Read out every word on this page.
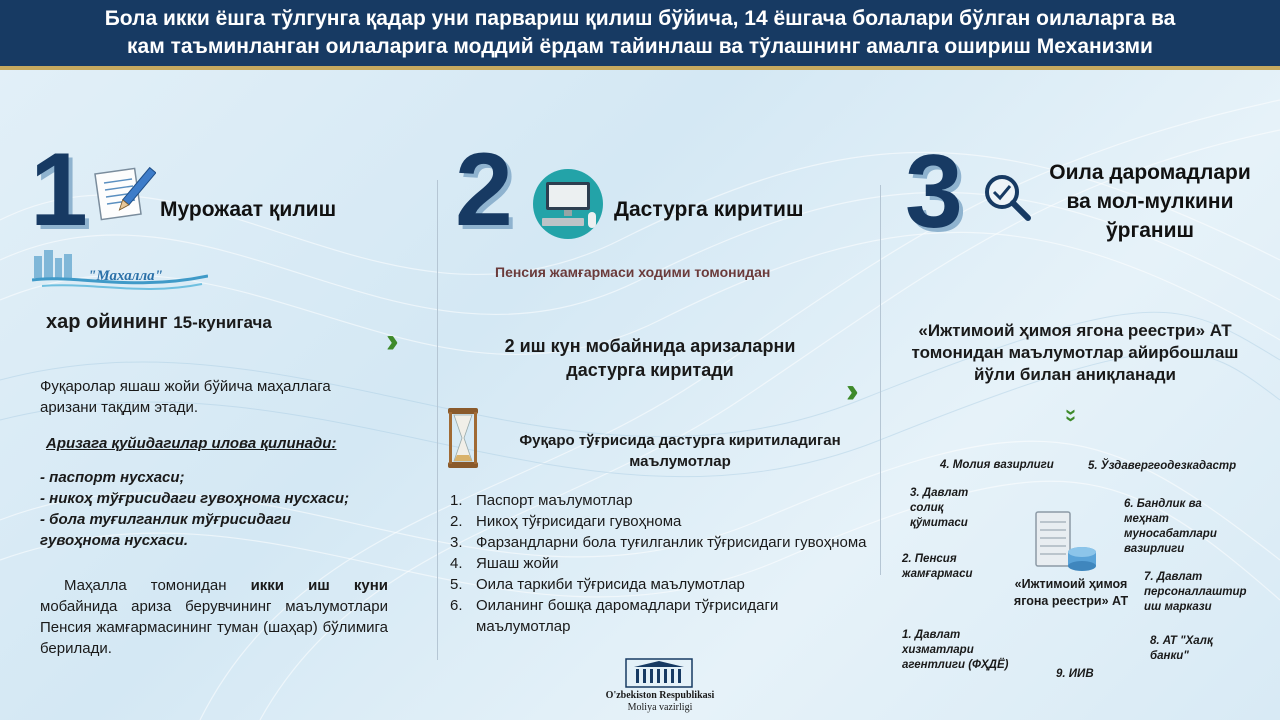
Бола икки ёшга тўлгунга қадар уни парвариш қилиш бўйича, 14 ёшгача болалари бўлган оилаларга ва
кам таъминланган оилаларига моддий ёрдам тайинлаш ва тўлашнинг амалга ошириш Механизми
1	Мурожаат қилиш
"Махалла"
хар ойининг 15-кунигача
Фуқаролар яшаш жойи бўйича маҳаллага аризани тақдим этади.
Аризага қуйидагилар илова қилинади:
- паспорт нусхаси;
- никоҳ тўғрисидаги гувоҳнома нусхаси;
- бола туғилганлик тўғрисидаги гувоҳнома нусхаси.
Маҳалла томонидан икки иш куни мобайнида ариза берувчининг маълумотлари Пенсия жамғармасининг туман (шаҳар) бўлимига берилади.
››
2	Дастурга киритиш
Пенсия жамғармаси ходими томонидан
2 иш кун мобайнида аризаларни дастурга киритади
››
Фуқаро тўғрисида дастурга киритиладиган маълумотлар
1. Паспорт маълумотлар
2. Никоҳ тўғрисидаги гувоҳнома
3. Фарзандларни бола туғилганлик тўғрисидаги гувоҳнома
4. Яшаш жойи
5. Оила таркиби тўғрисида маълумотлар
6. Оиланинг бошқа даромадлари тўғрисидаги маълумотлар
3	Оила даромадлари
ва мол-мулкини
ўрганиш
«Ижтимоий ҳимоя ягона реестри» АТ томонидан маълумотлар айирбошлаш йўли билан аниқланади
››
«Ижтимоий ҳимоя ягона реестри» АТ
1. Давлат хизматлари агентлиги (ФҲДЁ)
2. Пенсия жамғармаси
3. Давлат солиқ қўмитаси
4. Молия вазирлиги	5. Ўздавергеодезкадастр
6. Бандлик ва меҳнат муносабатлари вазирлиги
7. Давлат персоналлаштир иш маркази
8. АТ "Халқ банки"
9. ИИВ
O'zbekiston Respublikasi
Moliya vazirligi
